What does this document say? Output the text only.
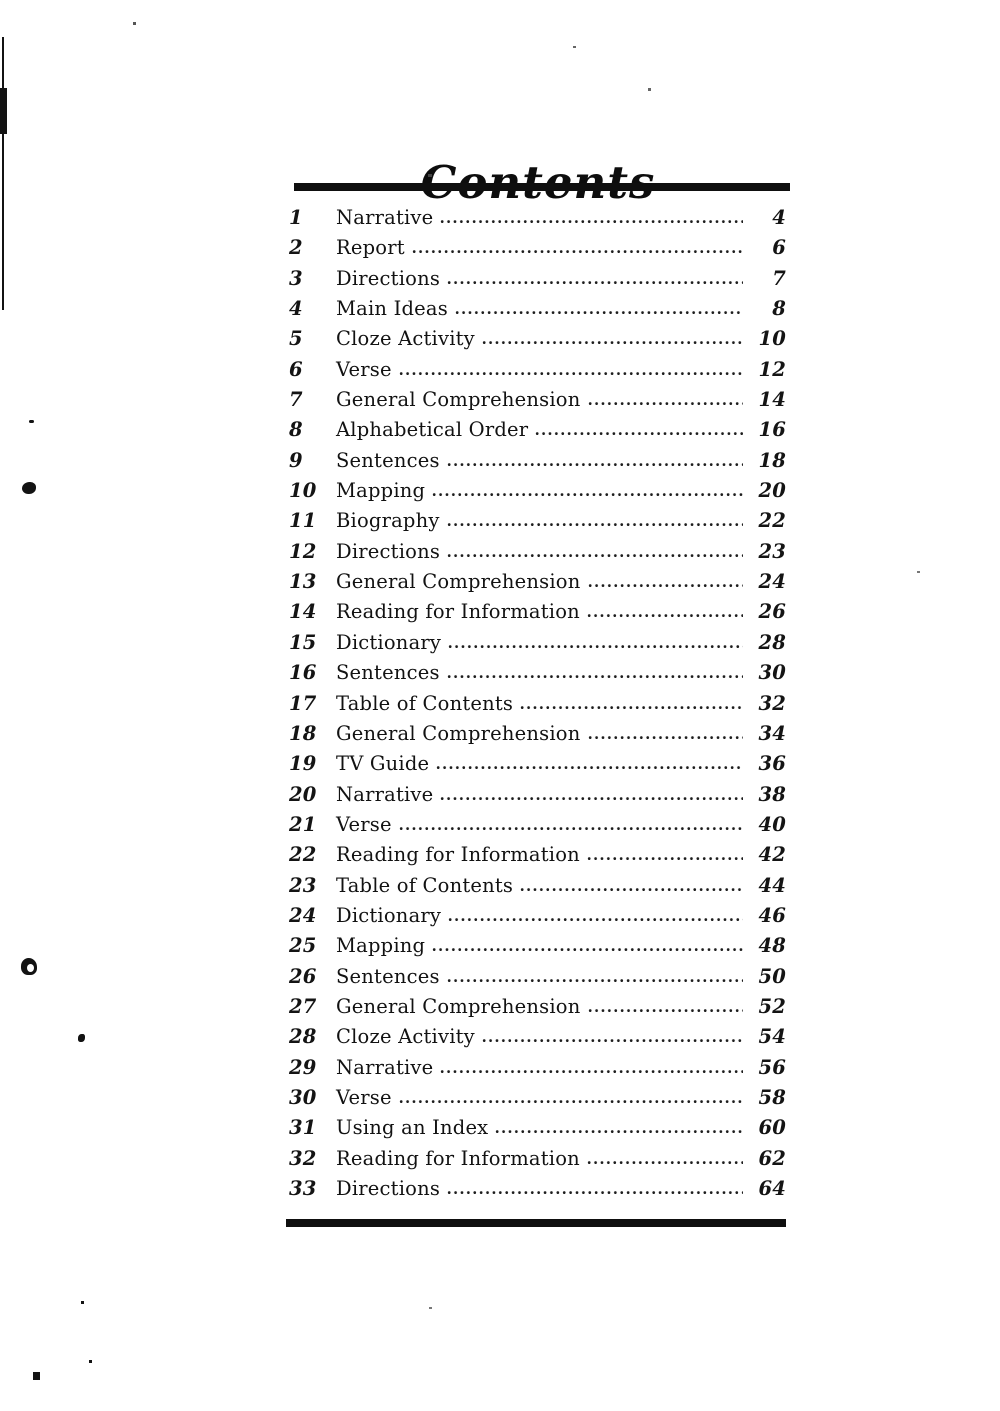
1	Narrative	4
2	Report	6
3	Directions	7
4	Main Ideas	8
5	Cloze Activity	10
6	Verse	12
7	General Comprehension	14
8	Alphabetical Order	16
9	Sentences	18
10 Mapping	20
11 Biography	22
12 Directions	23
13 General Comprehension	24
14 Reading for Information	26
15 Dictionary	28
16 Sentences	30
17 Table of Contents	32
18 General Comprehension	34
19 TV Guide	36
20 Narrative	38
21 Verse	40
22 Reading for Information	42
23 Table of Contents	44
24 Dictionary	46
25 Mapping	48
26 Sentences	50
27 General Comprehension	52
28 Cloze Activity	54
29 Narrative	56
30 Verse	58
31 Using an Index	60
32 Reading for Information	62
33 Directions	64
